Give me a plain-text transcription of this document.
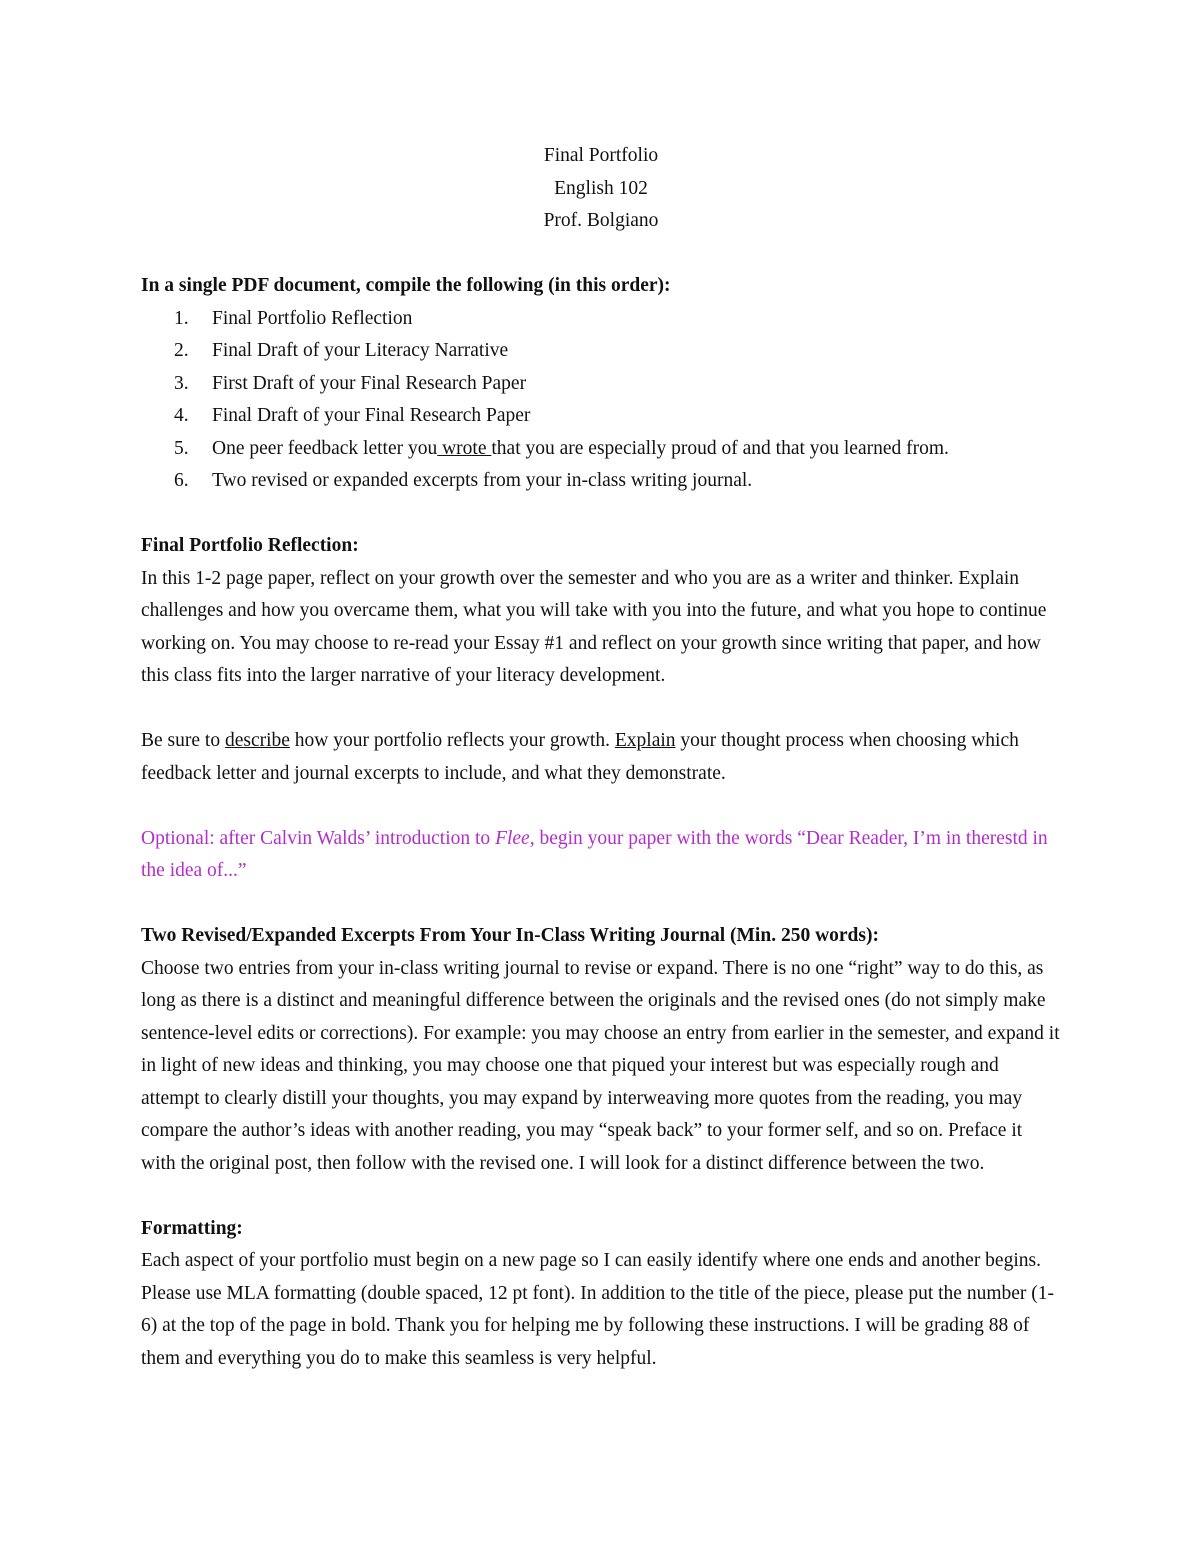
Final Portfolio
English 102
Prof. Bolgiano
In a single PDF document, compile the following (in this order):
1. Final Portfolio Reflection
2. Final Draft of your Literacy Narrative
3. First Draft of your Final Research Paper
4. Final Draft of your Final Research Paper
5. One peer feedback letter you wrote that you are especially proud of and that you learned from.
6. Two revised or expanded excerpts from your in-class writing journal.
Final Portfolio Reflection:

In this 1-2 page paper, reflect on your growth over the semester and who you are as a writer and thinker. Explain challenges and how you overcame them, what you will take with you into the future, and what you hope to continue working on. You may choose to re-read your Essay #1 and reflect on your growth since writing that paper, and how this class fits into the larger narrative of your literacy development.

Be sure to describe how your portfolio reflects your growth. Explain your thought process when choosing which feedback letter and journal excerpts to include, and what they demonstrate.

Optional: after Calvin Walds’ introduction to Flee, begin your paper with the words “Dear Reader, I’m in therestd in the idea of...”

Two Revised/Expanded Excerpts From Your In-Class Writing Journal (Min. 250 words):

Choose two entries from your in-class writing journal to revise or expand. There is no one “right” way to do this, as long as there is a distinct and meaningful difference between the originals and the revised ones (do not simply make sentence-level edits or corrections). For example: you may choose an entry from earlier in the semester, and expand it in light of new ideas and thinking, you may choose one that piqued your interest but was especially rough and attempt to clearly distill your thoughts, you may expand by interweaving more quotes from the reading, you may compare the author’s ideas with another reading, you may “speak back” to your former self, and so on. Preface it with the original post, then follow with the revised one. I will look for a distinct difference between the two.

Formatting:

Each aspect of your portfolio must begin on a new page so I can easily identify where one ends and another begins. Please use MLA formatting (double spaced, 12 pt font). In addition to the title of the piece, please put the number (1-6) at the top of the page in bold. Thank you for helping me by following these instructions. I will be grading 88 of them and everything you do to make this seamless is very helpful.
